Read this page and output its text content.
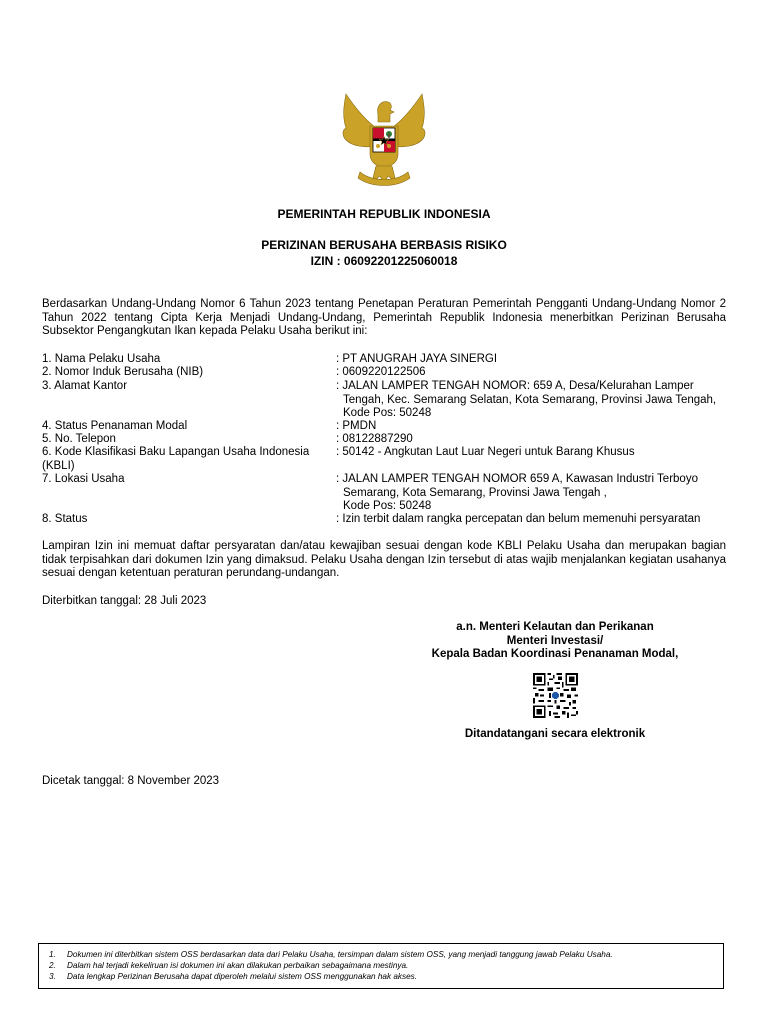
PEMERINTAH REPUBLIK INDONESIA
PERIZINAN BERUSAHA BERBASIS RISIKO
IZIN : 06092201225060018
Berdasarkan Undang-Undang Nomor 6 Tahun 2023 tentang Penetapan Peraturan Pemerintah Pengganti Undang-Undang Nomor 2 Tahun 2022 tentang Cipta Kerja Menjadi Undang-Undang, Pemerintah Republik Indonesia menerbitkan Perizinan Berusaha Subsektor Pengangkutan Ikan kepada Pelaku Usaha berikut ini:
1. Nama Pelaku Usaha	: PT ANUGRAH JAYA SINERGI
2. Nomor Induk Berusaha (NIB)	: 0609220122506
3. Alamat Kantor	: JALAN LAMPER TENGAH NOMOR: 659 A, Desa/Kelurahan Lamper
Tengah, Kec. Semarang Selatan, Kota Semarang, Provinsi Jawa Tengah,
Kode Pos: 50248
4. Status Penanaman Modal	: PMDN
5. No. Telepon	: 08122887290
6. Kode Klasifikasi Baku Lapangan Usaha Indonesia
(KBLI)
: 50142 - Angkutan Laut Luar Negeri untuk Barang Khusus
7. Lokasi Usaha	: JALAN LAMPER TENGAH NOMOR 659 A, Kawasan Industri Terboyo
Semarang, Kota Semarang, Provinsi Jawa Tengah ,
Kode Pos: 50248
8. Status	: Izin terbit dalam rangka percepatan dan belum memenuhi persyaratan
Lampiran Izin ini memuat daftar persyaratan dan/atau kewajiban sesuai dengan kode KBLI Pelaku Usaha dan merupakan bagian tidak terpisahkan dari dokumen Izin yang dimaksud. Pelaku Usaha dengan Izin tersebut di atas wajib menjalankan kegiatan usahanya sesuai dengan ketentuan peraturan perundang-undangan.
Diterbitkan tanggal: 28 Juli 2023
a.n. Menteri Kelautan dan Perikanan
Menteri Investasi/
Kepala Badan Koordinasi Penanaman Modal,
Ditandatangani secara elektronik
Dicetak tanggal: 8 November 2023
1.	Dokumen ini diterbitkan sistem OSS berdasarkan data dari Pelaku Usaha, tersimpan dalam sistem OSS, yang menjadi tanggung jawab Pelaku Usaha.
2.	Dalam hal terjadi kekeliruan isi dokumen ini akan dilakukan perbaikan sebagaimana mestinya.
3.	Data lengkap Perizinan Berusaha dapat diperoleh melalui sistem OSS menggunakan hak akses.
